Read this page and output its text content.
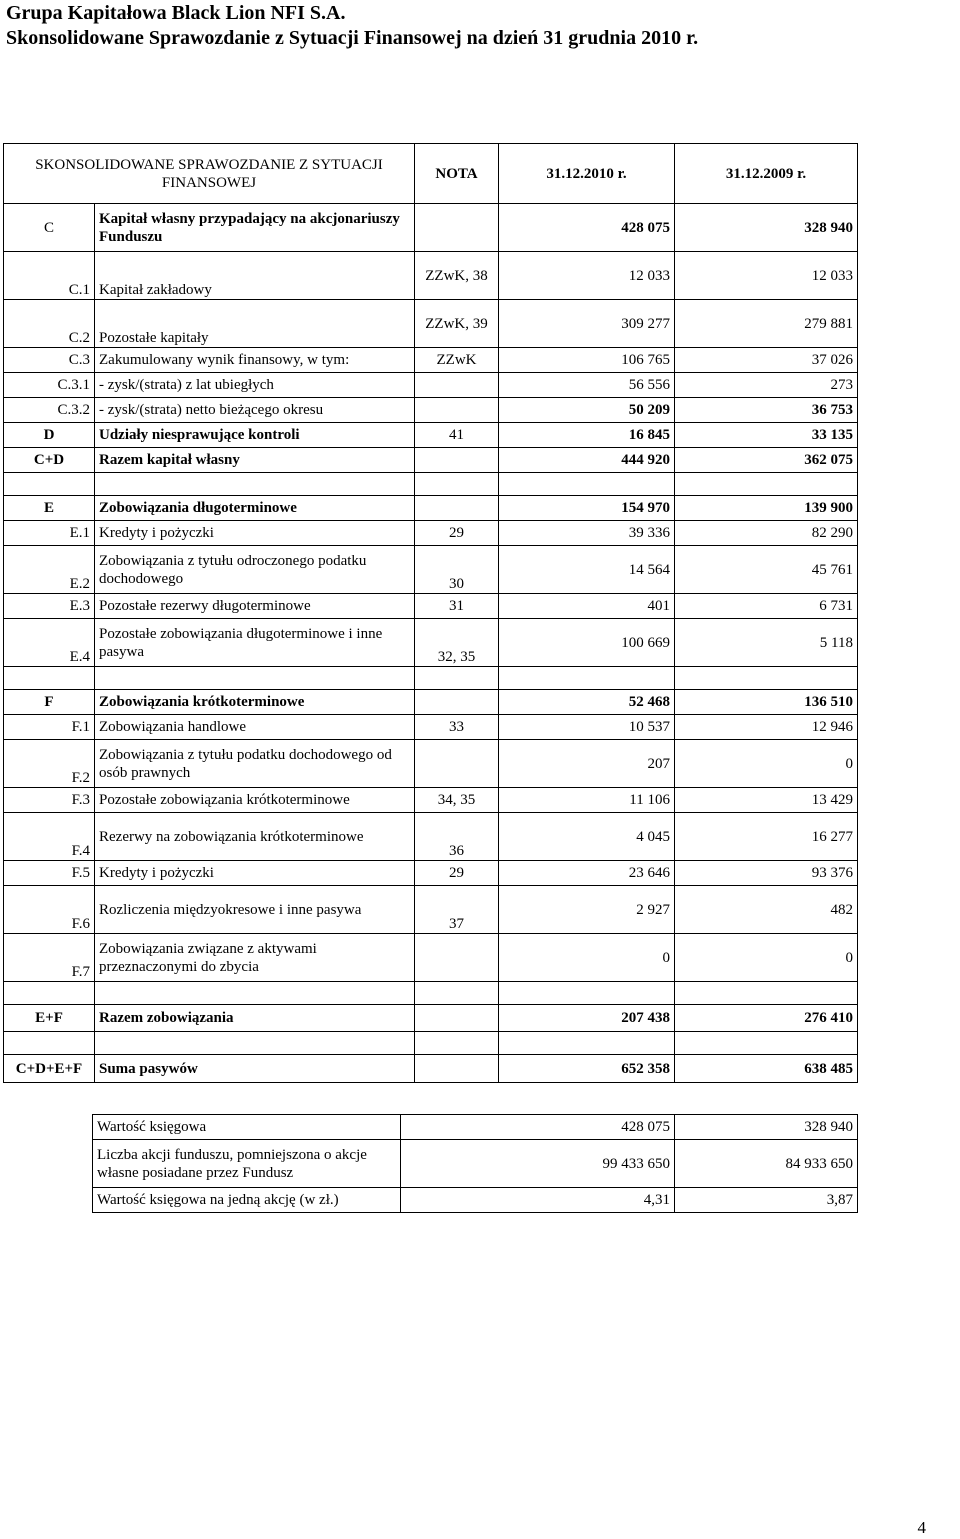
Grupa Kapitałowa Black Lion NFI S.A.
Skonsolidowane Sprawozdanie z Sytuacji Finansowej na dzień 31 grudnia 2010 r.
SKONSOLIDOWANE SPRAWOZDANIE Z SYTUACJI FINANSOWEJ		NOTA	31.12.2010 r.	31.12.2009 r.
C	Kapitał własny przypadający na akcjonariuszy Funduszu		428 075	328 940
C.1	Kapitał zakładowy	ZZwK, 38	12 033	12 033
C.2	Pozostałe kapitały	ZZwK, 39	309 277	279 881
C.3	Zakumulowany wynik finansowy, w tym:	ZZwK	106 765	37 026
C.3.1	- zysk/(strata) z lat ubiegłych		56 556	273
C.3.2	- zysk/(strata) netto bieżącego okresu		50 209	36 753
D	Udziały niesprawujące kontroli	41	16 845	33 135
C+D	Razem kapitał własny		444 920	362 075

E	Zobowiązania długoterminowe		154 970	139 900
E.1	Kredyty i pożyczki	29	39 336	82 290
E.2	Zobowiązania z tytułu odroczonego podatku dochodowego	30	14 564	45 761
E.3	Pozostałe rezerwy długoterminowe	31	401	6 731
E.4	Pozostałe zobowiązania długoterminowe i inne pasywa	32, 35	100 669	5 118

F	Zobowiązania krótkoterminowe		52 468	136 510
F.1	Zobowiązania handlowe	33	10 537	12 946
F.2	Zobowiązania z tytułu podatku dochodowego od osób prawnych		207	0
F.3	Pozostałe zobowiązania krótkoterminowe	34, 35	11 106	13 429
F.4	Rezerwy na zobowiązania krótkoterminowe	36	4 045	16 277
F.5	Kredyty i pożyczki	29	23 646	93 376
F.6	Rozliczenia międzyokresowe i inne pasywa	37	2 927	482
F.7	Zobowiązania związane z aktywami przeznaczonymi do zbycia		0	0

E+F	Razem zobowiązania		207 438	276 410

C+D+E+F	Suma pasywów		652 358	638 485
Wartość księgowa	428 075	328 940
Liczba akcji funduszu, pomniejszona o akcje własne posiadane przez Fundusz	99 433 650	84 933 650
Wartość księgowa na jedną akcję (w zł.)	4,31	3,87
4
